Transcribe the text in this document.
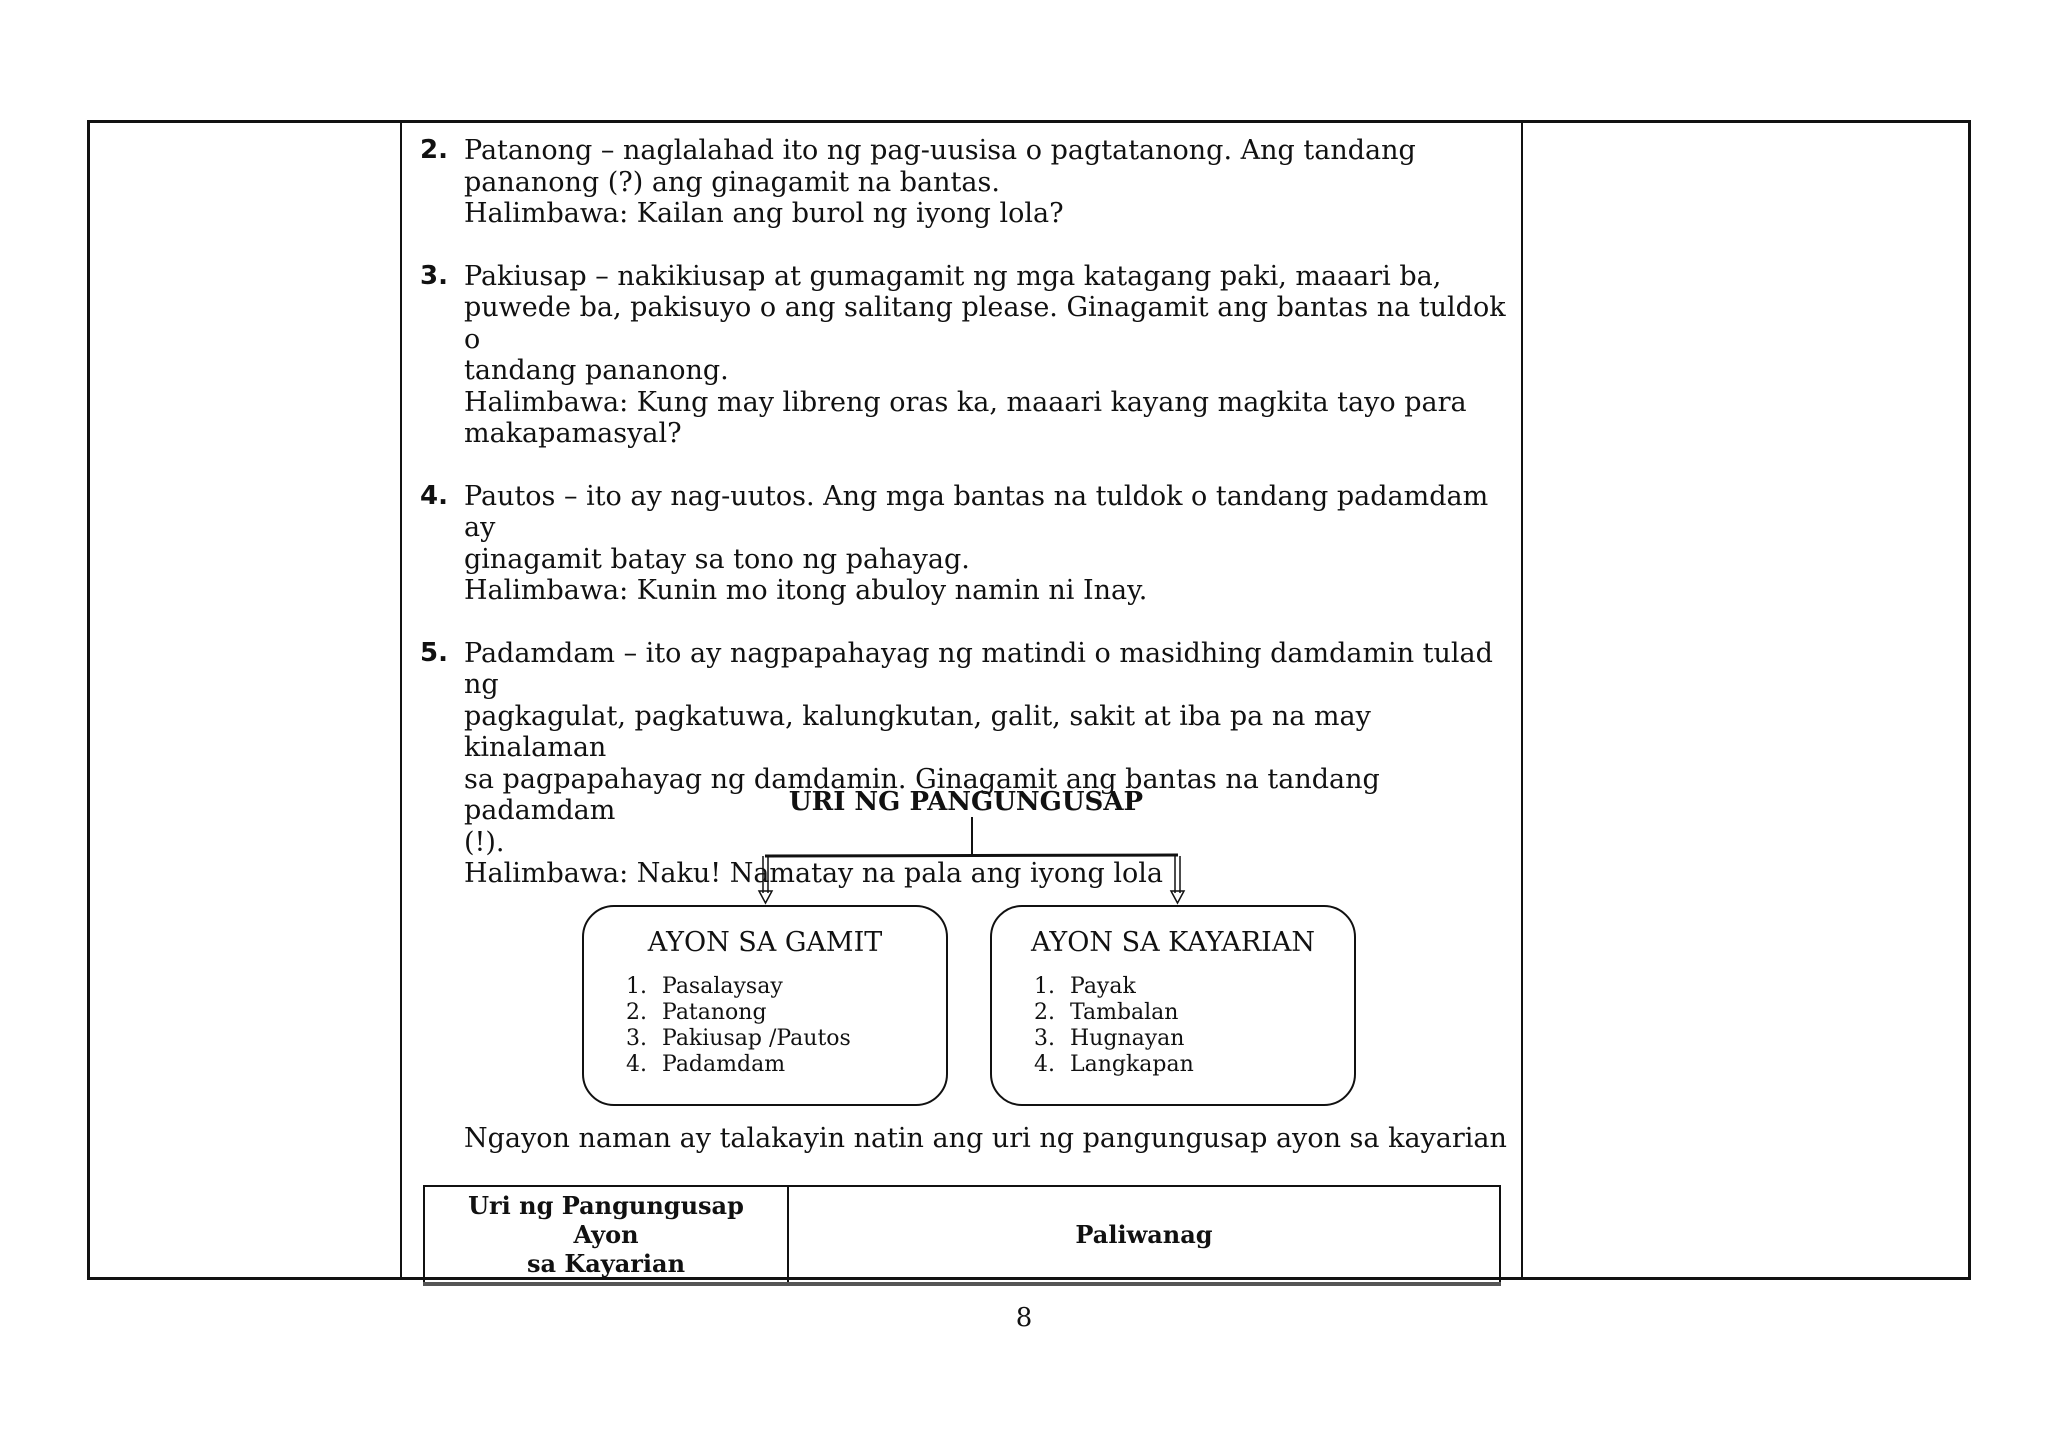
2. Patanong – naglalahad ito ng pag-uusisa o pagtatanong. Ang tandang
pananong (?) ang ginagamit na bantas.
Halimbawa: Kailan ang burol ng iyong lola?
3. Pakiusap – nakikiusap at gumagamit ng mga katagang paki, maaari ba,
puwede ba, pakisuyo o ang salitang please. Ginagamit ang bantas na tuldok o
tandang pananong.
Halimbawa: Kung may libreng oras ka, maaari kayang magkita tayo para
makapamasyal?
4. Pautos – ito ay nag-uutos. Ang mga bantas na tuldok o tandang padamdam ay
ginagamit batay sa tono ng pahayag.
Halimbawa: Kunin mo itong abuloy namin ni Inay.
5. Padamdam – ito ay nagpapahayag ng matindi o masidhing damdamin tulad ng
pagkagulat, pagkatuwa, kalungkutan, galit, sakit at iba pa na may kinalaman
sa pagpapahayag ng damdamin. Ginagamit ang bantas na tandang padamdam
(!).
Halimbawa: Naku! Namatay na pala ang iyong lola
URI NG PANGUNGUSAP
AYON SA GAMIT
1. Pasalaysay
2. Patanong
3. Pakiusap /Pautos
4. Padamdam
AYON SA KAYARIAN
1. Payak
2. Tambalan
3. Hugnayan
4. Langkapan
Ngayon naman ay talakayin natin ang uri ng pangungusap ayon sa kayarian
Uri ng Pangungusap Ayon
sa Kayarian
	Paliwanag
8
